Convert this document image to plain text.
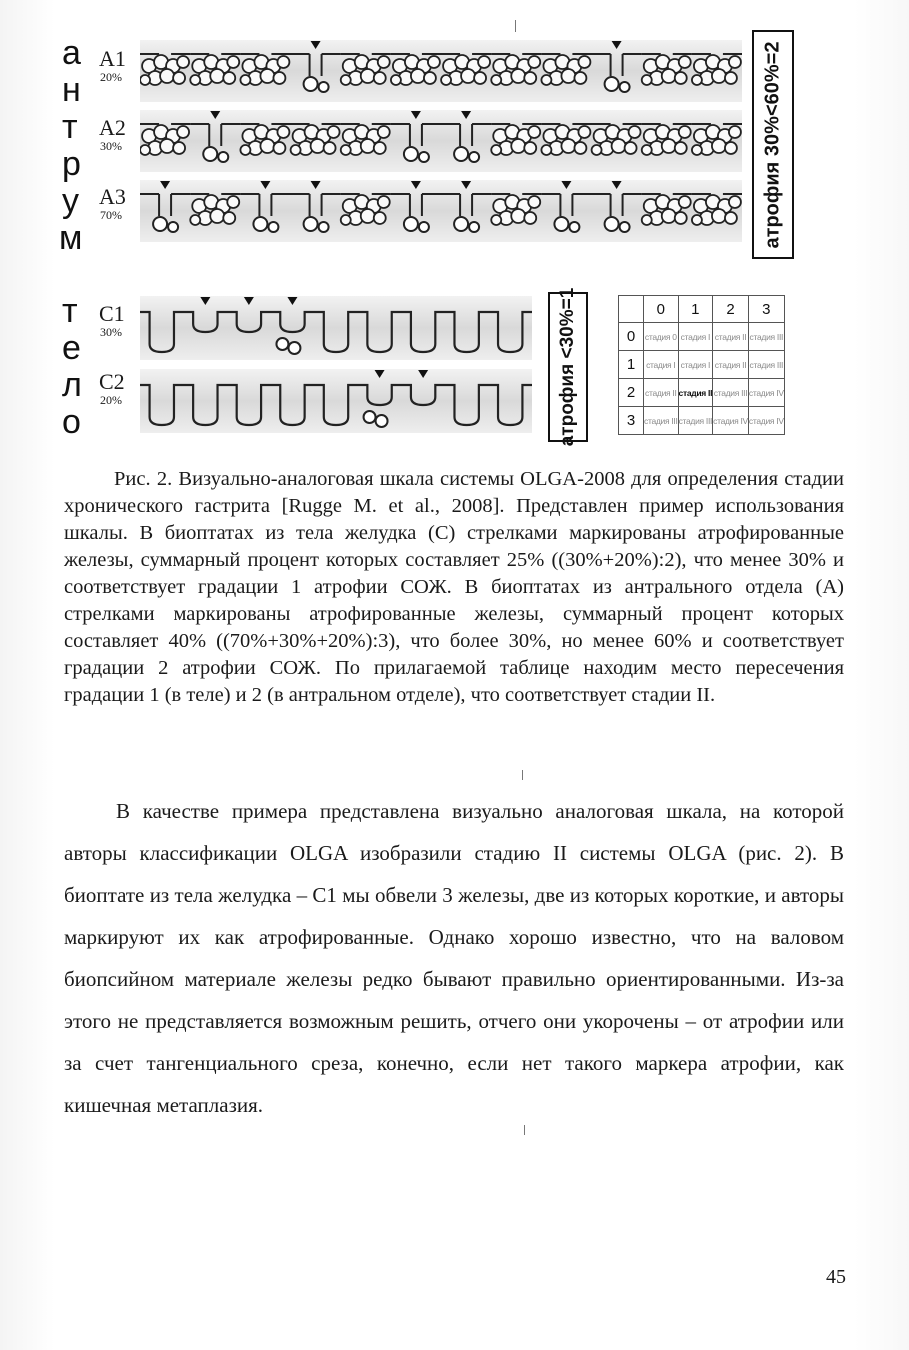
а
н
т
р
у
м
т
е
л
о
A1
20%
A2
30%
A3
70%
C1
30%
C2
20%
атрофия 30%<60%=2
атрофия <30%=1
		0	1	2	3
0	стадия 0	стадия I	стадия II	стадия III
1	стадия I	стадия I	стадия II	стадия III
2	стадия II	стадия II	стадия III	стадия IV
3	стадия III	стадия III	стадия IV	стадия IV

Рис. 2. Визуально-аналоговая шкала системы OLGA-2008 для определения стадии хронического гастрита [Rugge M. et al., 2008]. Представлен пример использования шкалы. В биоптатах из тела желудка (С) стрелками маркированы атрофированные железы, суммарный процент которых составляет 25% ((30%+20%):2), что менее 30% и соответствует градации 1 атрофии СОЖ. В биоптатах из антрального отдела (А) стрелками маркированы атрофированные железы, суммарный процент которых составляет 40% ((70%+30%+20%):3), что более 30%, но менее 60% и соответствует градации 2 атрофии СОЖ. По прилагаемой таблице находим место пересечения градации 1 (в теле) и 2 (в антральном отделе), что соответствует стадии II.

В качестве примера представлена визуально аналоговая шкала, на которой авторы классификации OLGA изобразили стадию II системы OLGA (рис. 2). В биоптате из тела желудка – С1 мы обвели 3 железы, две из которых короткие, и авторы маркируют их как атрофированные. Однако хорошо известно, что на валовом биопсийном материале железы редко бывают правильно ориентированными. Из-за этого не представляется возможным решить, отчего они укорочены – от атрофии или за счет тангенциального среза, конечно, если нет такого маркера атрофии, как кишечная метаплазия.

45
